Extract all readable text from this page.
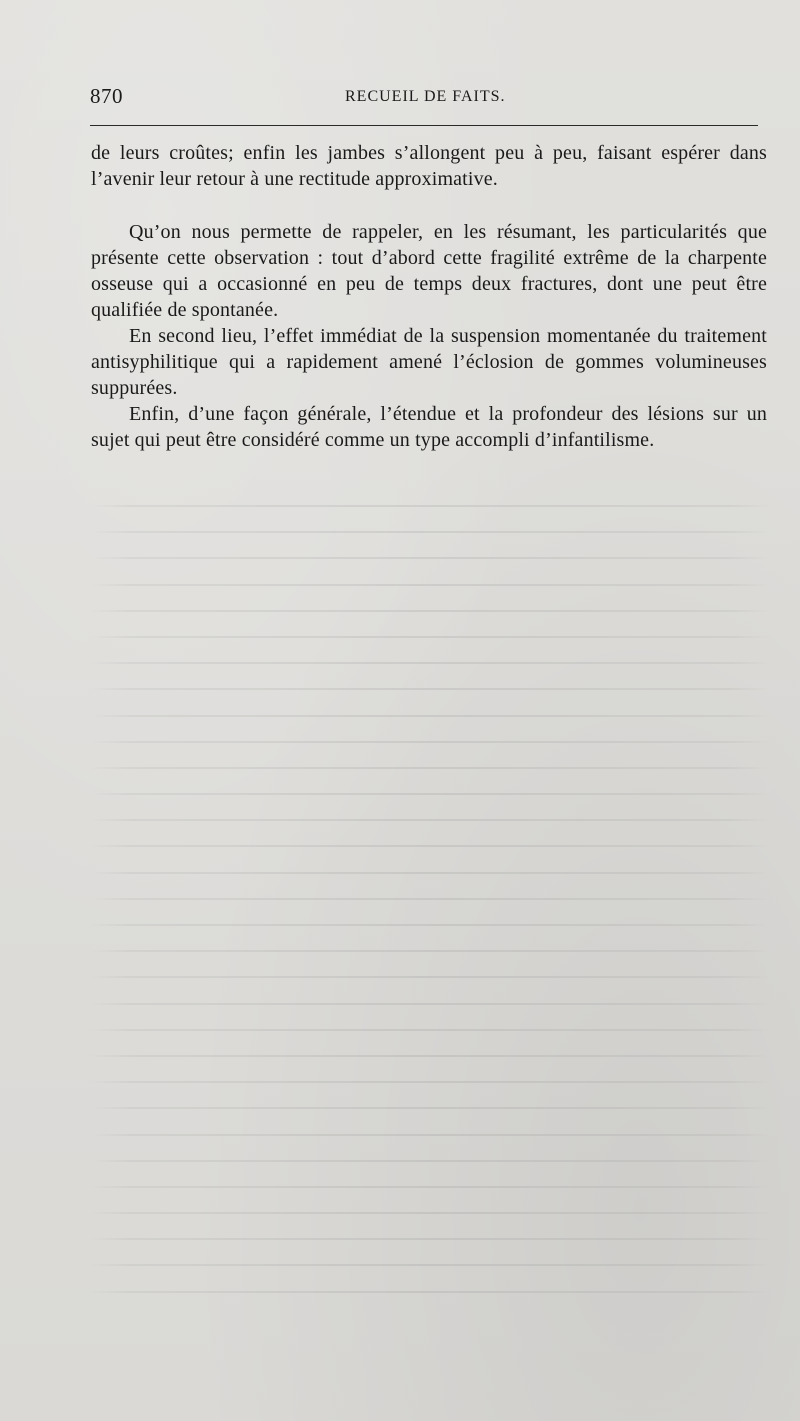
870	RECUEIL DE FAITS.

de leurs croûtes; enfin les jambes s’allongent peu à peu, faisant espérer dans l’avenir leur retour à une rectitude approximative.

Qu’on nous permette de rappeler, en les résumant, les particularités que présente cette observation : tout d’abord cette fragilité extrême de la charpente osseuse qui a occasionné en peu de temps deux fractures, dont une peut être qualifiée de spontanée.

En second lieu, l’effet immédiat de la suspension momentanée du traitement antisyphilitique qui a rapidement amené l’éclosion de gommes volumineuses suppurées.

Enfin, d’une façon générale, l’étendue et la profondeur des lésions sur un sujet qui peut être considéré comme un type accompli d’infantilisme.
